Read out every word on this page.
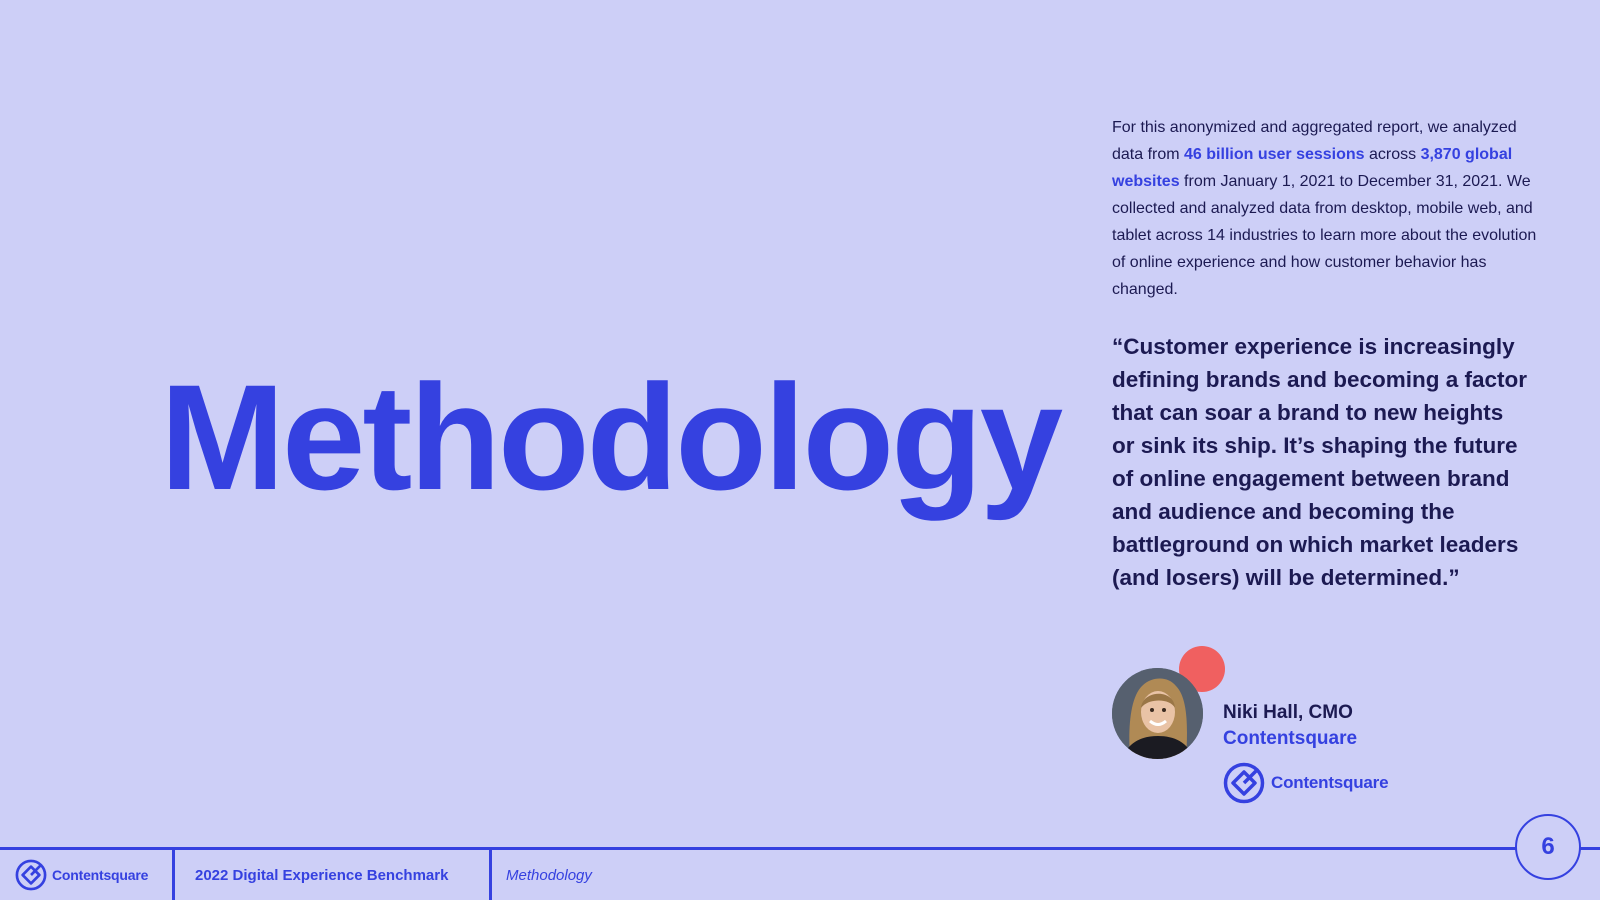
Methodology

For this anonymized and aggregated report, we analyzed data from 46 billion user sessions across 3,870 global websites from January 1, 2021 to December 31, 2021. We collected and analyzed data from desktop, mobile web, and tablet across 14 industries to learn more about the evolution of online experience and how customer behavior has changed.

“Customer experience is increasingly defining brands and becoming a factor that can soar a brand to new heights or sink its ship. It’s shaping the future of online engagement between brand and audience and becoming the battleground on which market leaders (and losers) will be determined.”

Niki Hall, CMO
Contentsquare
Contentsquare
Contentsquare	2022 Digital Experience Benchmark	Methodology
6
